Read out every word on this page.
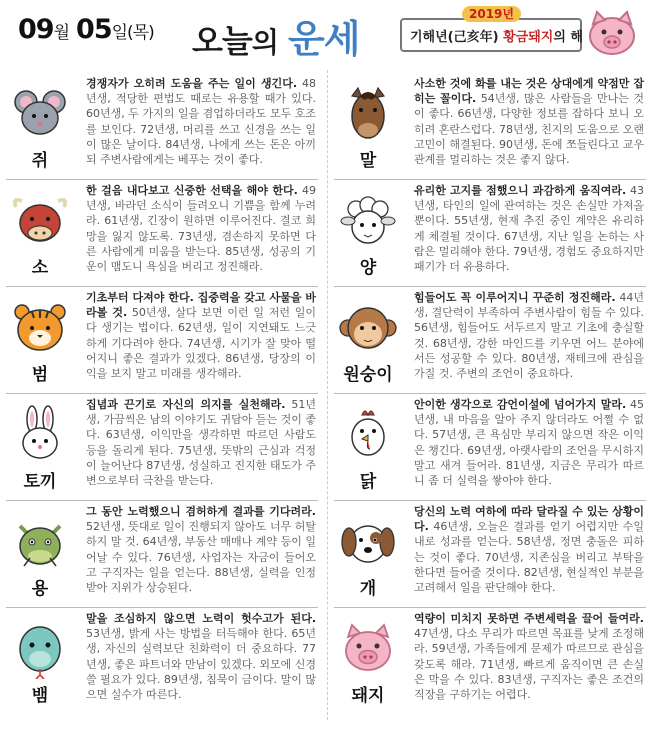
09월 05일(목) 오늘의 운세
2019년
기해년(己亥年) 황금돼지의 해
쥐
경쟁자가 오히려 도움을 주는 일이 생긴다. 48년생, 적당한 편법도 때로는 유용할 때가 있다. 60년생, 두 가지의 일을 겸업하더라도 모두 호조를 보인다. 72년생, 머리를 쓰고 신경을 쓰는 일이 많은 날이다. 84년생, 나에게 쓰는 돈은 아끼되 주변사람에게는 베푸는 것이 좋다.
소
한 걸음 내다보고 신중한 선택을 해야 한다. 49년생, 바라던 소식이 들려오니 기쁨을 함께 누려라. 61년생, 긴장이 원하면 이루어진다. 결코 희망을 잃지 않도록. 73년생, 겸손하지 못하면 다른 사람에게 미움을 받는다. 85년생, 성공의 기운이 맴도니 욕심을 버리고 정진해라.
범
기초부터 다져야 한다. 집중력을 갖고 사물을 바라볼 것. 50년생, 살다 보면 이런 일 저런 일이 다 생기는 법이다. 62년생, 일이 지연돼도 느긋하게 기다려야 한다. 74년생, 시기가 잘 맞아 떨어지니 좋은 결과가 있겠다. 86년생, 당장의 이익을 보지 말고 미래를 생각해라.
토끼
집념과 끈기로 자신의 의지를 실천해라. 51년생, 가끔씩은 남의 이야기도 귀담아 듣는 것이 좋다. 63년생, 이익만을 생각하면 따르던 사람도 등을 돌리게 된다. 75년생, 뜻밖의 근심과 걱정이 늘어난다 87년생, 성실하고 진지한 태도가 주변으로부터 극찬을 받는다.
용
그 동안 노력했으니 겸허하게 결과를 기다려라. 52년생, 뜻대로 일이 진행되지 않아도 너무 허탈하지 말 것. 64년생, 부동산 매매나 계약 등이 일어날 수 있다. 76년생, 사업자는 자금이 들어오고 구직자는 일을 얻는다. 88년생, 실력을 인정 받아 지위가 상승된다.
뱀
말을 조심하지 않으면 노력이 헛수고가 된다. 53년생, 밝게 사는 방법을 터득해야 한다. 65년생, 자신의 실력보단 친화력이 더 중요하다. 77년생, 좋은 파트너와 만남이 있겠다. 외모에 신경 쓸 필요가 있다. 89년생, 침묵이 금이다. 말이 많으면 실수가 따른다.
말
사소한 것에 화를 내는 것은 상대에게 약점만 잡히는 꼴이다. 54년생, 많은 사람들을 만나는 것이 좋다. 66년생, 다양한 정보를 잡하다 보니 오히려 혼란스럽다. 78년생, 친지의 도움으로 오랜 고민이 해결된다. 90년생, 돈에 쪼들린다고 교우관계를 멀리하는 것은 좋지 않다.
양
유리한 고지를 점했으니 과감하게 움직여라. 43년생, 타인의 일에 관여하는 것은 손실만 가져올 뿐이다. 55년생, 현재 추진 중인 계약은 유리하게 체결될 것이다. 67년생, 지난 일을 논하는 사람은 멀리해야 한다. 79년생, 경험도 중요하지만 패기가 더 유용하다.
원숭이
힘들어도 꼭 이루어지니 꾸준히 정진해라. 44년생, 결단력이 부족하여 주변사람이 힘들 수 있다. 56년생, 힘들어도 서두르지 말고 기초에 충실할 것. 68년생, 강한 마인드를 키우면 어느 분야에서든 성공할 수 있다. 80년생, 재테크에 관심을 가질 것. 주변의 조언이 중요하다.
닭
안이한 생각으로 감언이설에 넘어가지 말라. 45년생, 내 마음을 알아 주지 않더라도 어쩔 수 없다. 57년생, 큰 욕심만 부리지 않으면 작은 이익은 챙긴다. 69년생, 아랫사람의 조언을 무시하지 말고 새겨 들어라. 81년생, 지금은 무리가 따르니 좀 더 실력을 쌓아야 한다.
개
당신의 노력 여하에 따라 달라질 수 있는 상황이다. 46년생, 오늘은 결과를 얻기 어렵지만 수일 내로 성과를 얻는다. 58년생, 정면 충돌은 피하는 것이 좋다. 70년생, 지존심을 버리고 부탁을 한다면 들어줄 것이다. 82년생, 현실적인 부분을 고려해서 일을 판단해야 한다.
돼지
역량이 미치지 못하면 주변세력을 끌어 들여라. 47년생, 다소 무리가 따르면 목표를 낮게 조정해라. 59년생, 가족들에게 문제가 따르므로 관심을 갖도록 해라. 71년생, 빠르게 움직이면 큰 손실은 막을 수 있다. 83년생, 구직자는 좋은 조건의 직장을 구하기는 어렵다.
